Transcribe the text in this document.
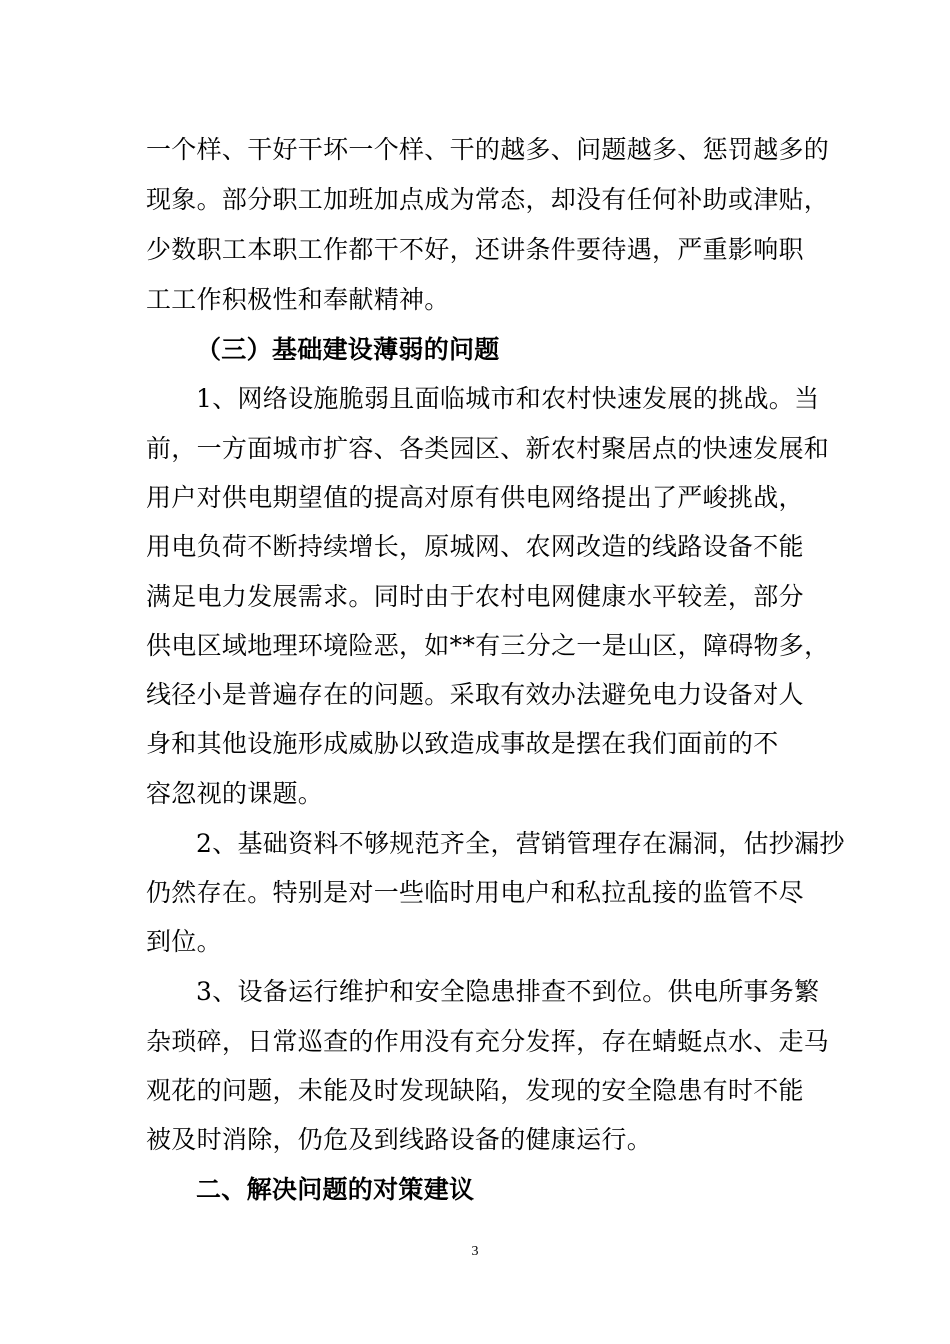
一个样、干好干坏一个样、干的越多、问题越多、惩罚越多的
现象。部分职工加班加点成为常态，却没有任何补助或津贴，
少数职工本职工作都干不好，还讲条件要待遇，严重影响职
工工作积极性和奉献精神。
（三）基础建设薄弱的问题
1、网络设施脆弱且面临城市和农村快速发展的挑战。当
前，一方面城市扩容、各类园区、新农村聚居点的快速发展和
用户对供电期望值的提高对原有供电网络提出了严峻挑战，
用电负荷不断持续增长，原城网、农网改造的线路设备不能
满足电力发展需求。同时由于农村电网健康水平较差，部分
供电区域地理环境险恶，如**有三分之一是山区，障碍物多，
线径小是普遍存在的问题。采取有效办法避免电力设备对人
身和其他设施形成威胁以致造成事故是摆在我们面前的不
容忽视的课题。
2、基础资料不够规范齐全，营销管理存在漏洞，估抄漏抄
仍然存在。特别是对一些临时用电户和私拉乱接的监管不尽
到位。
3、设备运行维护和安全隐患排查不到位。供电所事务繁
杂琐碎，日常巡查的作用没有充分发挥，存在蜻蜓点水、走马
观花的问题，未能及时发现缺陷，发现的安全隐患有时不能
被及时消除，仍危及到线路设备的健康运行。
二、解决问题的对策建议
3
